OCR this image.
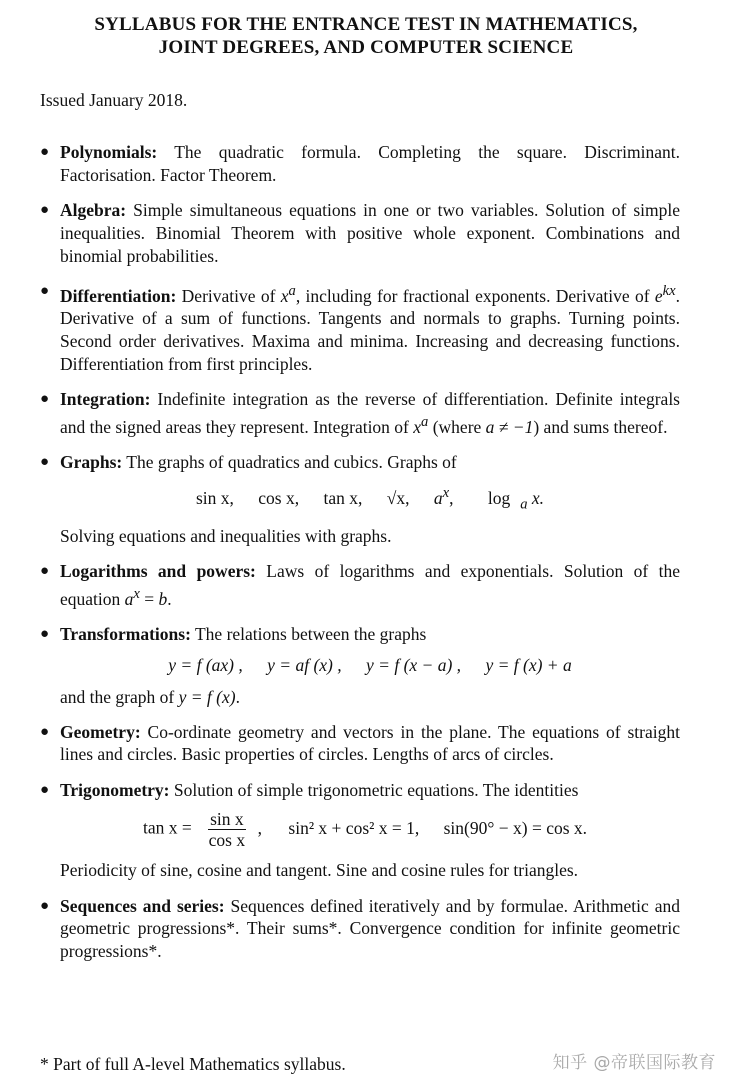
SYLLABUS FOR THE ENTRANCE TEST IN MATHEMATICS,
JOINT DEGREES, AND COMPUTER SCIENCE
Issued January 2018.
● Polynomials: The quadratic formula. Completing the square. Discriminant. Factorisation. Factor Theorem.
● Algebra: Simple simultaneous equations in one or two variables. Solution of simple inequalities. Binomial Theorem with positive whole exponent. Combinations and binomial probabilities.
● Differentiation: Derivative of $x^a$, including for fractional exponents. Derivative of $e^{kx}$. Derivative of a sum of functions. Tangents and normals to graphs. Turning points. Second order derivatives. Maxima and minima. Increasing and decreasing functions. Differentiation from first principles.
● Integration: Indefinite integration as the reverse of differentiation. Definite integrals and the signed areas they represent. Integration of $x^a$ (where a ≠ −1) and sums thereof.
● Graphs: The graphs of quadratics and cubics. Graphs of
sin x, cos x, tan x, √x, $a^x$, log $_a$ x.
Solving equations and inequalities with graphs.
● Logarithms and powers: Laws of logarithms and exponentials. Solution of the equation $a^x = b$.
● Transformations: The relations between the graphs
y = f (ax) , y = af (x) , y = f (x − a) , y = f (x) + a
and the graph of y = f (x).
● Geometry: Co-ordinate geometry and vectors in the plane. The equations of straight lines and circles. Basic properties of circles. Lengths of arcs of circles.
● Trigonometry: Solution of simple trigonometric equations. The identities
$\tan x = \frac{\text{sin x}}{\text{cos x}}$ , sin² x + cos² x = 1, sin(90° − x) = cos x.
Periodicity of sine, cosine and tangent. Sine and cosine rules for triangles.
● Sequences and series: Sequences defined iteratively and by formulae. Arithmetic and geometric progressions*. Their sums*. Convergence condition for infinite geometric progressions*.
* Part of full A-level Mathematics syllabus.	知乎 @帝联国际教育
